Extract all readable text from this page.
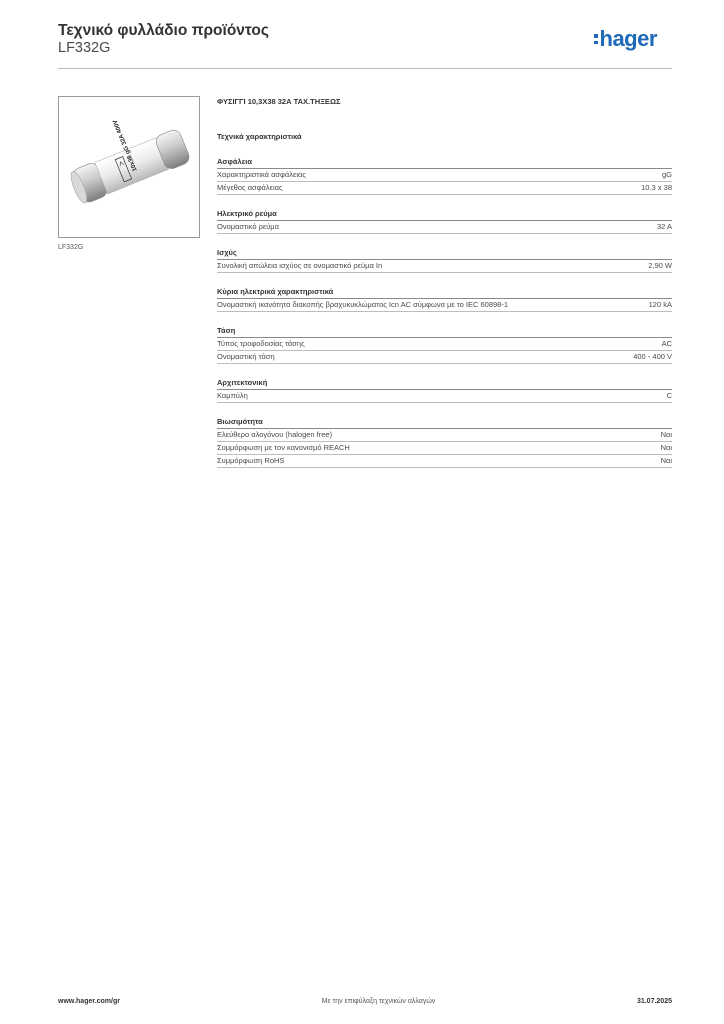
Τεχνικό φυλλάδιο προϊόντος
LF332G	hager
10x38 gG 32A 400V
LF332G
ΦΥΣΙΓΓΙ 10,3Χ38 32Α ΤΑΧ.ΤΗΞΕΩΣ
Τεχνικά χαρακτηριστικά
Ασφάλεια
Χαρακτηριστικά ασφάλειας	gG
Μέγεθος ασφάλειας	10.3 x 38
Ηλεκτρικό ρεύμα
Ονομαστικό ρεύμα	32 A
Ισχύς
Συνολική απώλεια ισχύος σε ονομαστικό ρεύμα In	2,90 W
Κύρια ηλεκτρικά χαρακτηριστικά
Ονομαστική ικανότητα διακοπής βραχυκυκλώματος Icn AC σύμφωνα με το IEC 60898-1	120 kA
Τάση
Τύπος τροφοδοσίας τάσης	AC
Ονομαστική τάση	400 - 400 V
Αρχιτεκτονική
Καμπύλη	C
Βιωσιμότητα
Ελεύθερο αλογόνου (halogen free)	Ναι
Συμμόρφωση με τον κανονισμό REACH	Ναι
Συμμόρφωση RoHS	Ναι
www.hager.com/gr	Με την επιφύλαξη τεχνικών αλλαγών	31.07.2025
